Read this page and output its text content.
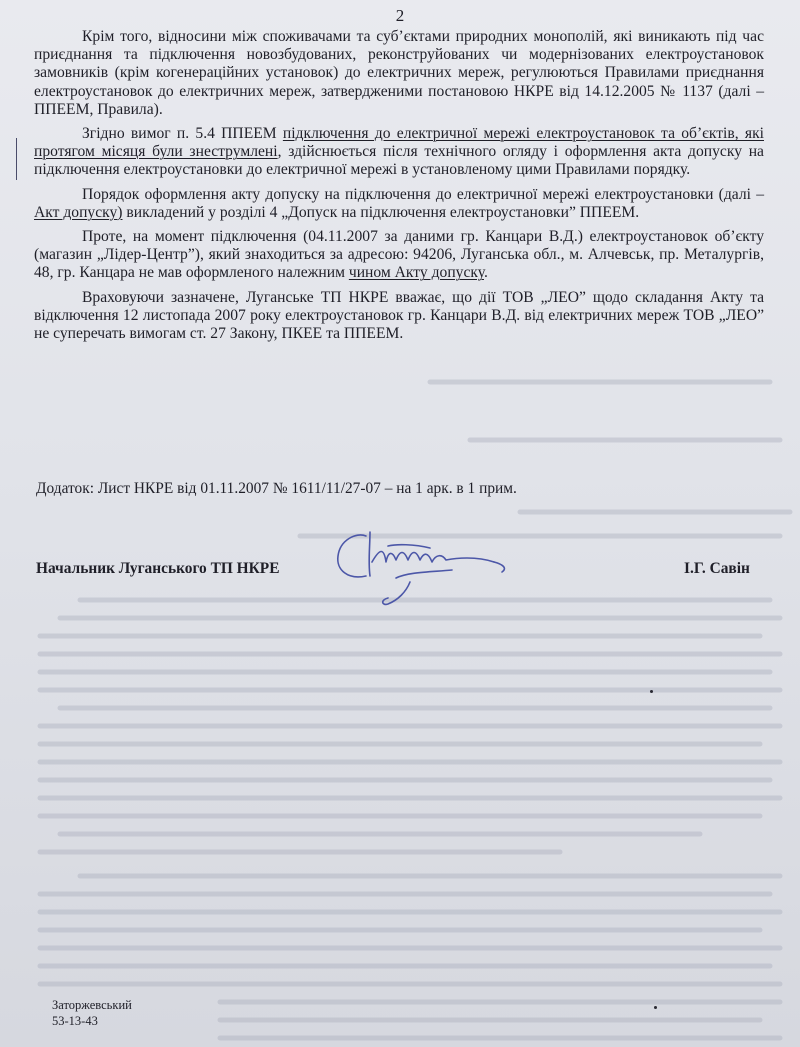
2

Крім того, відносини між споживачами та суб’єктами природних монополій, які виникають під час приєднання та підключення новозбудованих, реконструйованих чи модернізованих електроустановок замовників (крім когенераційних установок) до електричних мереж, регулюються Правилами приєднання електроустановок до електричних мереж, затвердженими постановою НКРЕ від 14.12.2005 № 1137 (далі – ППЕЕМ, Правила).

Згідно вимог п. 5.4 ППЕЕМ підключення до електричної мережі електроустановок та об’єктів, які протягом місяця були знеструмлені, здійснюється після технічного огляду і оформлення акта допуску на підключення електроустановки до електричної мережі в установленому цими Правилами порядку.

Порядок оформлення акту допуску на підключення до електричної мережі електроустановки (далі – Акт допуску) викладений у розділі 4 „Допуск на підключення електроустановки” ППЕЕМ.

Проте, на момент підключення (04.11.2007 за даними гр. Канцари В.Д.) електроустановок об’єкту (магазин „Лідер-Центр”), який знаходиться за адресою: 94206, Луганська обл., м. Алчевськ, пр. Металургів, 48, гр. Канцара не мав оформленого належним чином Акту допуску.

Враховуючи зазначене, Луганське ТП НКРЕ вважає, що дії ТОВ „ЛЕО” щодо складання Акту та відключення 12 листопада 2007 року електроустановок гр. Канцари В.Д. від електричних мереж ТОВ „ЛЕО” не суперечать вимогам ст. 27 Закону, ПКЕЕ та ППЕЕМ.

Додаток: Лист НКРЕ від 01.11.2007 № 1611/11/27-07 – на 1 арк. в 1 прим.
Начальник Луганського ТП НКРЕ	І.Г. Савін
Заторжевський
53-13-43
